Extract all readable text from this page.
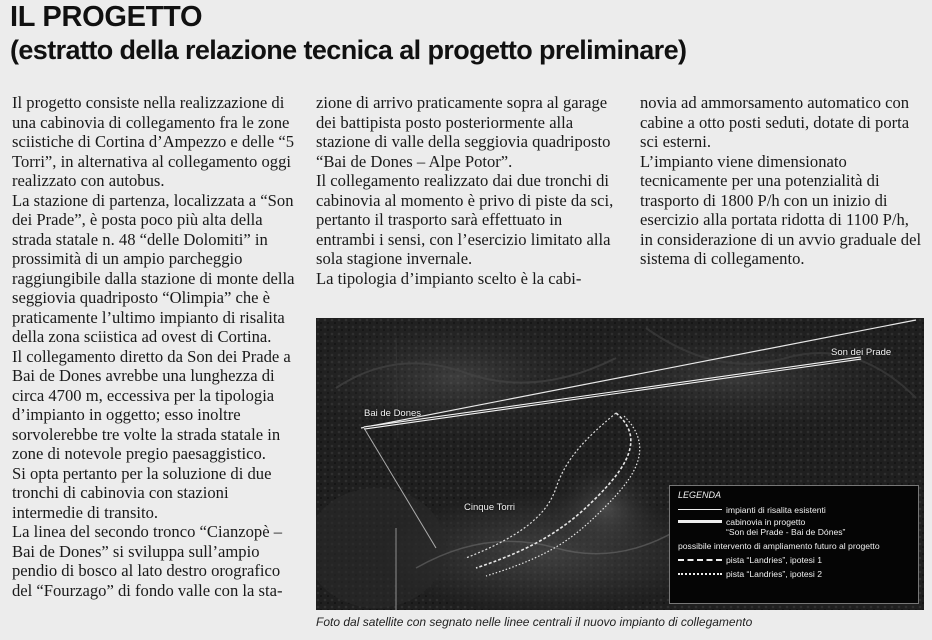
IL PROGETTO
(estratto della relazione tecnica al progetto preliminare)

Il progetto consiste nella realizzazione di una cabinovia di collegamento fra le zone sciistiche di Cortina d’Ampezzo e delle “5 Torri”, in alternativa al collegamento oggi realizzato con autobus.

La stazione di partenza, localizzata a “Son dei Prade”, è posta poco più alta della strada statale n. 48 “delle Dolomiti” in prossimità di un ampio parcheggio raggiungibile dalla stazione di monte della seggiovia quadriposto “Olimpia” che è praticamente l’ultimo impianto di risalita della zona sciistica ad ovest di Cortina.

Il collegamento diretto da Son dei Prade a Bai de Dones avrebbe una lunghezza di circa 4700 m, eccessiva per la tipologia d’impianto in oggetto; esso inoltre sorvolerebbe tre volte la strada statale in zone di notevole pregio paesaggistico.

Si opta pertanto per la soluzione di due tronchi di cabinovia con stazioni intermedie di transito.

La linea del secondo tronco “Cianzopè – Bai de Dones” si sviluppa sull’ampio pendio di bosco al lato destro orografico del “Fourzago” di fondo valle con la sta-

zione di arrivo praticamente sopra al garage dei battipista posto posteriormente alla stazione di valle della seggiovia quadriposto “Bai de Dones – Alpe Potor”.

Il collegamento realizzato dai due tronchi di cabinovia al momento è privo di piste da sci, pertanto il trasporto sarà effettuato in entrambi i sensi, con l’esercizio limitato alla sola stagione invernale.

La tipologia d’impianto scelto è la cabi-

novia ad ammorsamento automatico con cabine a otto posti seduti, dotate di porta sci esterni.

L’impianto viene dimensionato tecnicamente per una potenzialità di trasporto di 1800 P/h con un inizio di esercizio alla portata ridotta di 1100 P/h, in considerazione di un avvio graduale del sistema di collegamento.

Son dei Prade
Bai de Dones
Cinque Torri
LEGENDA
impianti di risalita esistenti
cabinovia in progetto
“Son dei Prade - Bai de Dónes”
possibile intervento di ampliamento futuro al progetto
pista “Landries”, ipotesi 1
pista “Landries”, ipotesi 2
Foto dal satellite con segnato nelle linee centrali il nuovo impianto di collegamento
